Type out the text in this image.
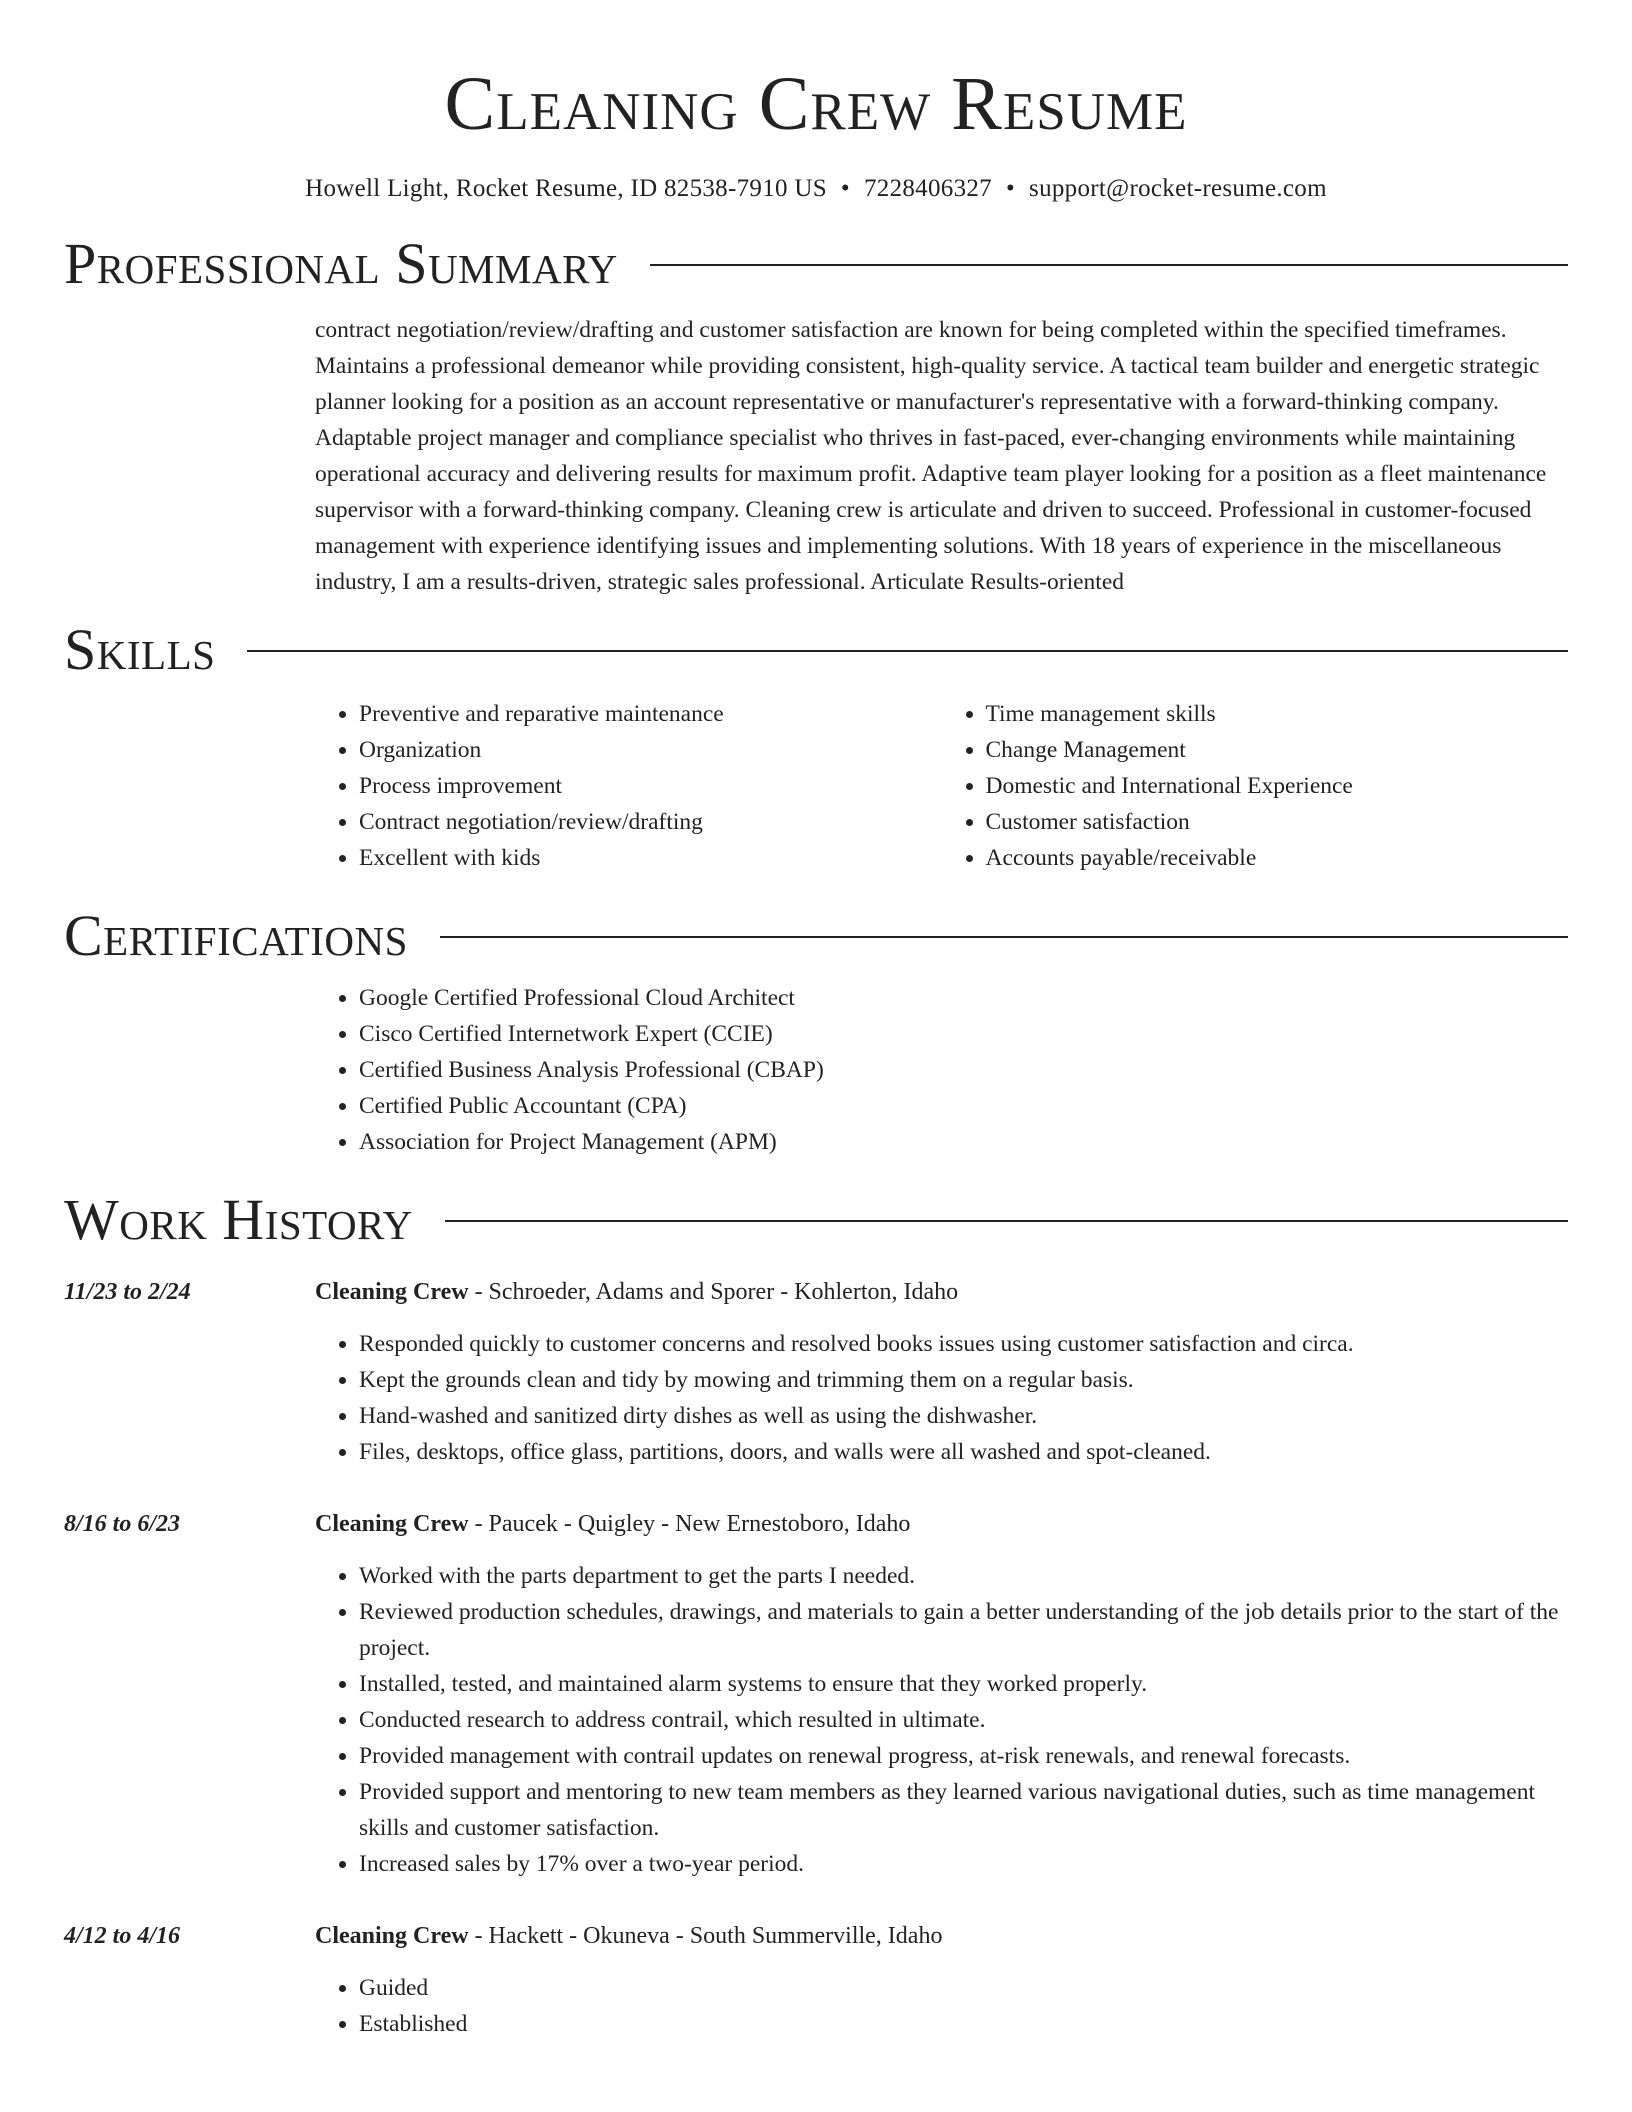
Cleaning Crew Resume
Howell Light, Rocket Resume, ID 82538-7910 US • 7228406327 • support@rocket-resume.com
Professional Summary
contract negotiation/review/drafting and customer satisfaction are known for being completed within the specified timeframes. Maintains a professional demeanor while providing consistent, high-quality service. A tactical team builder and energetic strategic planner looking for a position as an account representative or manufacturer's representative with a forward-thinking company. Adaptable project manager and compliance specialist who thrives in fast-paced, ever-changing environments while maintaining operational accuracy and delivering results for maximum profit. Adaptive team player looking for a position as a fleet maintenance supervisor with a forward-thinking company. Cleaning crew is articulate and driven to succeed. Professional in customer-focused management with experience identifying issues and implementing solutions. With 18 years of experience in the miscellaneous industry, I am a results-driven, strategic sales professional. Articulate Results-oriented
Skills
• Preventive and reparative maintenance
• Organization
• Process improvement
• Contract negotiation/review/drafting
• Excellent with kids
• Time management skills
• Change Management
• Domestic and International Experience
• Customer satisfaction
• Accounts payable/receivable
Certifications
• Google Certified Professional Cloud Architect
• Cisco Certified Internetwork Expert (CCIE)
• Certified Business Analysis Professional (CBAP)
• Certified Public Accountant (CPA)
• Association for Project Management (APM)
Work History
11/23 to 2/24	Cleaning Crew - Schroeder, Adams and Sporer - Kohlerton, Idaho
• Responded quickly to customer concerns and resolved books issues using customer satisfaction and circa.
• Kept the grounds clean and tidy by mowing and trimming them on a regular basis.
• Hand-washed and sanitized dirty dishes as well as using the dishwasher.
• Files, desktops, office glass, partitions, doors, and walls were all washed and spot-cleaned.
8/16 to 6/23	Cleaning Crew - Paucek - Quigley - New Ernestoboro, Idaho
• Worked with the parts department to get the parts I needed.
• Reviewed production schedules, drawings, and materials to gain a better understanding of the job details prior to the start of the project.
• Installed, tested, and maintained alarm systems to ensure that they worked properly.
• Conducted research to address contrail, which resulted in ultimate.
• Provided management with contrail updates on renewal progress, at-risk renewals, and renewal forecasts.
• Provided support and mentoring to new team members as they learned various navigational duties, such as time management skills and customer satisfaction.
• Increased sales by 17% over a two-year period.
4/12 to 4/16	Cleaning Crew - Hackett - Okuneva - South Summerville, Idaho
• Guided
• Established
